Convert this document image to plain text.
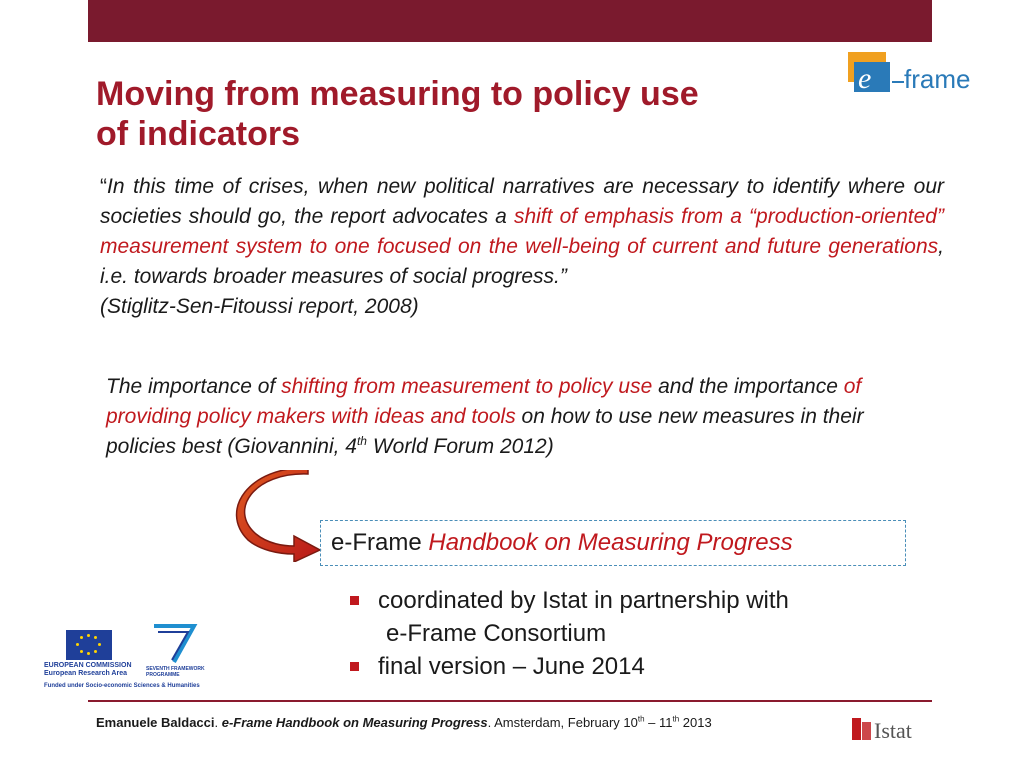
Moving from measuring to policy use
of indicators
e frame

“In this time of crises, when new political narratives are necessary to identify where our societies should go, the report advocates a shift of emphasis from a “production-oriented” measurement system to one focused on the well-being of current and future generations, i.e. towards broader measures of social progress.”
(Stiglitz-Sen-Fitoussi report, 2008)

The importance of shifting from measurement to policy use and the importance of providing policy makers with ideas and tools on how to use new measures in their policies best (Giovannini, 4th World Forum 2012)

e-Frame Handbook on Measuring Progress
coordinated by Istat in partnership with
e-Frame Consortium
final version – June 2014
SEVENTH FRAMEWORK
PROGRAMME
EUROPEAN COMMISSION
European Research Area
Funded under Socio-economic Sciences & Humanities
Emanuele Baldacci. e-Frame Handbook on Measuring Progress. Amsterdam, February 10th – 11th 2013	Istat
